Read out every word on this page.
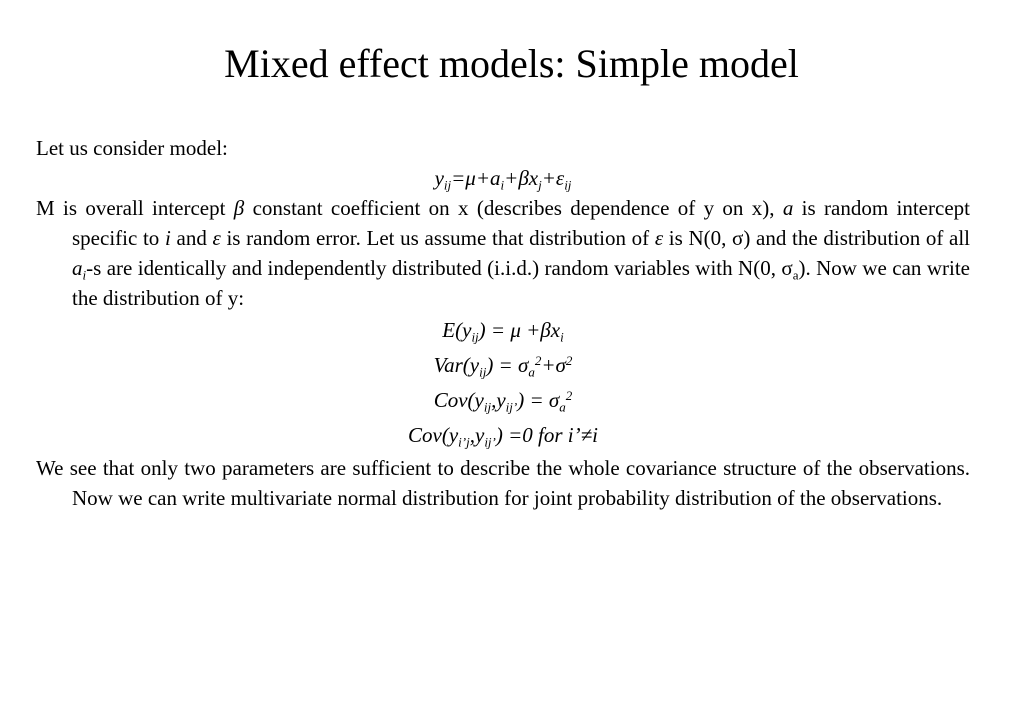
Mixed effect models: Simple model

Let us consider model:

$y_{ij}=\mu+a_i+\beta x_j+\varepsilon_{ij}$

M is overall intercept β constant coefficient on x (describes dependence of y on x), a is random intercept specific to i and ε is random error. Let us assume that distribution of ε is N(0, σ) and the distribution of all $a_i-s$ are identically and independently distributed (i.i.d.) random variables with N(0, $\sigma_a$). Now we can write the distribution of y:

$E(y_{ij}) = \mu +\beta x_i$

$Var(y_{ij}) = \sigma_a^2+\sigma^2$

$Cov(y_{ij},y_{ij’}) = \sigma_a^2$

$Cov(y_{i’j},y_{ij’}) =0$ for i’≠i

We see that only two parameters are sufficient to describe the whole covariance structure of the observations. Now we can write multivariate normal distribution for joint probability distribution of the observations.
